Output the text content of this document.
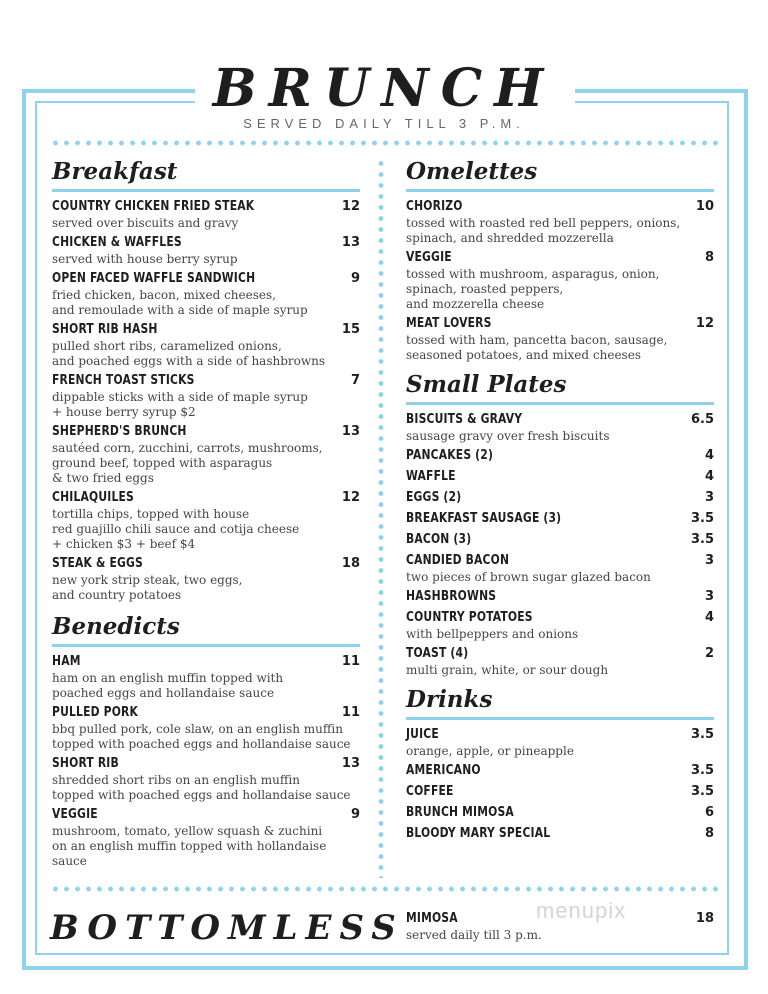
BRUNCH
SERVED DAILY TILL 3 P.M.
Breakfast
COUNTRY CHICKEN FRIED STEAK	12
served over biscuits and gravy
CHICKEN & WAFFLES	13
served with house berry syrup
OPEN FACED WAFFLE SANDWICH	9
fried chicken, bacon, mixed cheeses,
and remoulade with a side of maple syrup
SHORT RIB HASH	15
pulled short ribs, caramelized onions,
and poached eggs with a side of hashbrowns
FRENCH TOAST STICKS	7
dippable sticks with a side of maple syrup
+ house berry syrup $2
SHEPHERD'S BRUNCH	13
sautéed corn, zucchini, carrots, mushrooms,
ground beef, topped with asparagus
& two fried eggs
CHILAQUILES	12
tortilla chips, topped with house
red guajillo chili sauce and cotija cheese
+ chicken $3 + beef $4
STEAK & EGGS	18
new york strip steak, two eggs,
and country potatoes
Benedicts
HAM	11
ham on an english muffin topped with
poached eggs and hollandaise sauce
PULLED PORK	11
bbq pulled pork, cole slaw, on an english muffin
topped with poached eggs and hollandaise sauce
SHORT RIB	13
shredded short ribs on an english muffin
topped with poached eggs and hollandaise sauce
VEGGIE	9
mushroom, tomato, yellow squash & zuchini
on an english muffin topped with hollandaise sauce
Omelettes
CHORIZO	10
tossed with roasted red bell peppers, onions,
spinach, and shredded mozzerella
VEGGIE	8
tossed with mushroom, asparagus, onion,
spinach, roasted peppers,
and mozzerella cheese
MEAT LOVERS	12
tossed with ham, pancetta bacon, sausage,
seasoned potatoes, and mixed cheeses
Small Plates
BISCUITS & GRAVY	6.5
sausage gravy over fresh biscuits
PANCAKES (2)	4
WAFFLE	4
EGGS (2)	3
BREAKFAST SAUSAGE (3)	3.5
BACON (3)	3.5
CANDIED BACON	3
two pieces of brown sugar glazed bacon
HASHBROWNS	3
COUNTRY POTATOES	4
with bellpeppers and onions
TOAST (4)	2
multi grain, white, or sour dough
Drinks
JUICE	3.5
orange, apple, or pineapple
AMERICANO	3.5
COFFEE	3.5
BRUNCH MIMOSA	6
BLOODY MARY SPECIAL	8
BOTTOMLESS MIMOSA	18
served daily till 3 p.m.
menupix
